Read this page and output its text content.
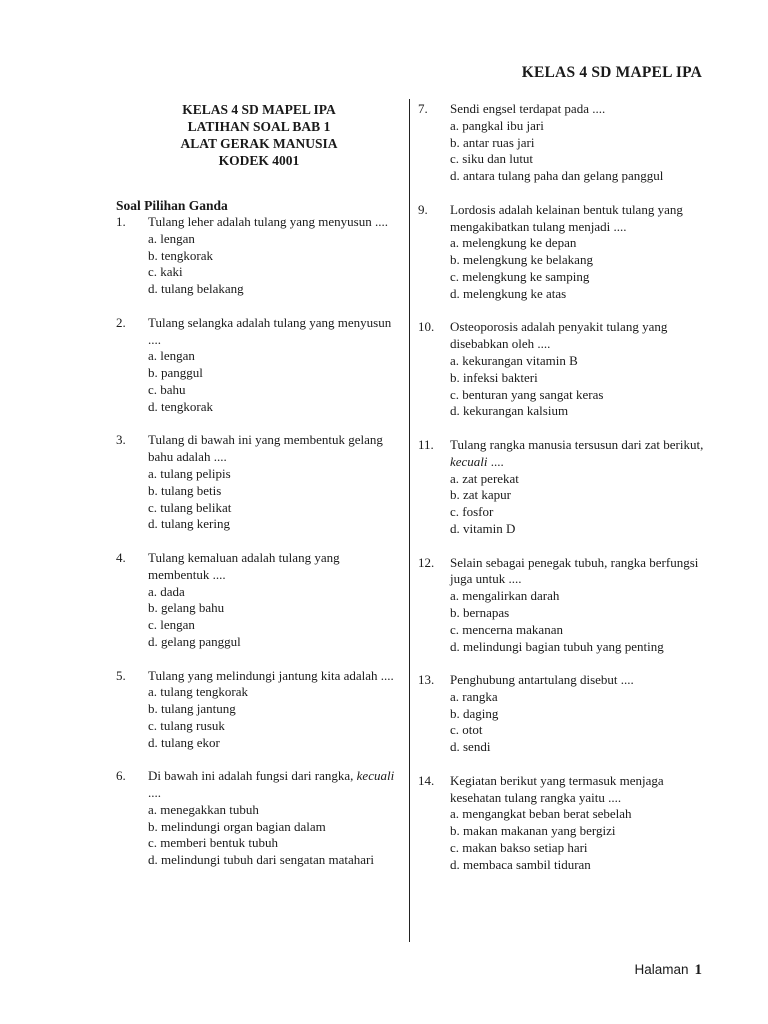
KELAS 4 SD MAPEL IPA
KELAS 4 SD MAPEL IPA
LATIHAN SOAL BAB 1
ALAT GERAK MANUSIA
KODEK 4001
Soal Pilihan Ganda
1.	Tulang leher adalah tulang yang menyusun ....
a. lengan
b. tengkorak
c. kaki
d. tulang belakang
2.	Tulang selangka adalah tulang yang menyusun ....
a. lengan
b. panggul
c. bahu
d. tengkorak
3.	Tulang di bawah ini yang membentuk gelang bahu adalah ....
a. tulang pelipis
b. tulang betis
c. tulang belikat
d. tulang kering
4.	Tulang kemaluan adalah tulang yang membentuk ....
a. dada
b. gelang bahu
c. lengan
d. gelang panggul
5.	Tulang yang melindungi jantung kita adalah ....
a. tulang tengkorak
b. tulang jantung
c. tulang rusuk
d. tulang ekor
6.	Di bawah ini adalah fungsi dari rangka, kecuali ....
a. menegakkan tubuh
b. melindungi organ bagian dalam
c. memberi bentuk tubuh
d. melindungi tubuh dari sengatan matahari
7.	Sendi engsel terdapat pada ....
a. pangkal ibu jari
b. antar ruas jari
c. siku dan lutut
d. antara tulang paha dan gelang panggul
9.	Lordosis adalah kelainan bentuk tulang yang mengakibatkan tulang menjadi ....
a. melengkung ke depan
b. melengkung ke belakang
c. melengkung ke samping
d. melengkung ke atas
10.	Osteoporosis adalah penyakit tulang yang disebabkan oleh ....
a. kekurangan vitamin B
b. infeksi bakteri
c. benturan yang sangat keras
d. kekurangan kalsium
11.	Tulang rangka manusia tersusun dari zat berikut, kecuali ....
a. zat perekat
b. zat kapur
c. fosfor
d. vitamin D
12.	Selain sebagai penegak tubuh, rangka berfungsi juga untuk ....
a. mengalirkan darah
b. bernapas
c. mencerna makanan
d. melindungi bagian tubuh yang penting
13.	Penghubung antartulang disebut ....
a. rangka
b. daging
c. otot
d. sendi
14.	Kegiatan berikut yang termasuk menjaga kesehatan tulang rangka yaitu ....
a. mengangkat beban berat sebelah
b. makan makanan yang bergizi
c. makan bakso setiap hari
d. membaca sambil tiduran
Halaman 1
